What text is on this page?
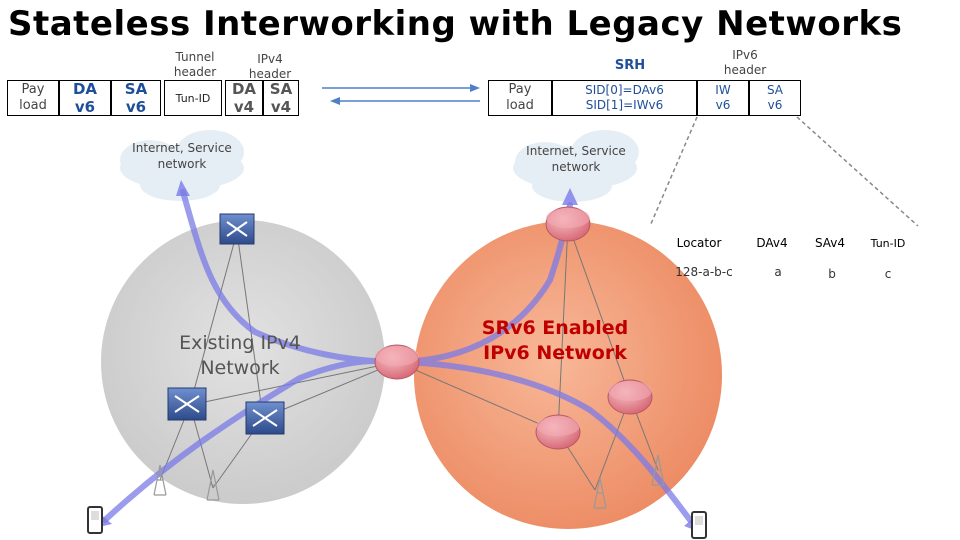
Stateless Interworking with Legacy Networks
Pay load
DA v6
SA v6
Tunnel header
IPv4 header
Tun-ID	DA v4
SA v4
Pay load
SRH
SID[0]=DAv6
SID[1]=IWv6
IPv6 header
IW v6
SA v6
Internet, Service network
Internet, Service network
Existing IPv4 Network
SRv6 Enabled IPv6 Network
Locator	DAv4	SAv4	Tun-ID
128-a-b-c	a	b	c
